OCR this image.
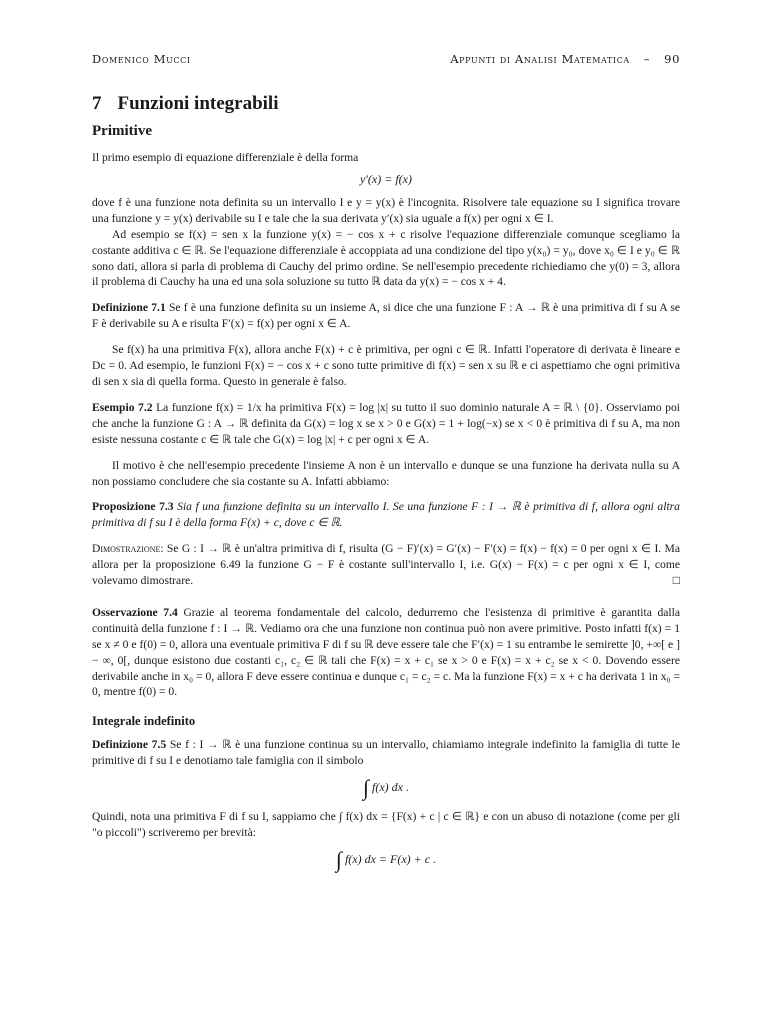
Domenico Mucci	Appunti di Analisi Matematica – 90
7 Funzioni integrabili
Primitive

Il primo esempio di equazione differenziale è della forma

y′(x) = f(x)

dove f è una funzione nota definita su un intervallo I e y = y(x) è l'incognita. Risolvere tale equazione su I significa trovare una funzione y = y(x) derivabile su I e tale che la sua derivata y′(x) sia uguale a f(x) per ogni x ∈ I.

Ad esempio se f(x) = sen x la funzione y(x) = − cos x + c risolve l'equazione differenziale comunque scegliamo la costante additiva c ∈ ℝ. Se l'equazione differenziale è accoppiata ad una condizione del tipo y(x₀) = y₀, dove x₀ ∈ I e y₀ ∈ ℝ sono dati, allora si parla di problema di Cauchy del primo ordine. Se nell'esempio precedente richiediamo che y(0) = 3, allora il problema di Cauchy ha una ed una sola soluzione su tutto ℝ data da y(x) = − cos x + 4.

Definizione 7.1 Se f è una funzione definita su un insieme A, si dice che una funzione F : A → ℝ è una primitiva di f su A se F è derivabile su A e risulta F′(x) = f(x) per ogni x ∈ A.

Se f(x) ha una primitiva F(x), allora anche F(x) + c è primitiva, per ogni c ∈ ℝ. Infatti l'operatore di derivata è lineare e Dc = 0. Ad esempio, le funzioni F(x) = − cos x + c sono tutte primitive di f(x) = sen x su ℝ e ci aspettiamo che ogni primitiva di sen x sia di quella forma. Questo in generale è falso.

Esempio 7.2 La funzione f(x) = 1/x ha primitiva F(x) = log |x| su tutto il suo dominio naturale A = ℝ \ {0}. Osserviamo poi che anche la funzione G : A → ℝ definita da G(x) = log x se x > 0 e G(x) = 1 + log(−x) se x < 0 è primitiva di f su A, ma non esiste nessuna costante c ∈ ℝ tale che G(x) = log |x| + c per ogni x ∈ A.

Il motivo è che nell'esempio precedente l'insieme A non è un intervallo e dunque se una funzione ha derivata nulla su A non possiamo concludere che sia costante su A. Infatti abbiamo:

Proposizione 7.3 Sia f una funzione definita su un intervallo I. Se una funzione F : I → ℝ è primitiva di f, allora ogni altra primitiva di f su I è della forma F(x) + c, dove c ∈ ℝ.

Dimostrazione: Se G : I → ℝ è un'altra primitiva di f, risulta (G − F)′(x) = G′(x) − F′(x) = f(x) − f(x) = 0 per ogni x ∈ I. Ma allora per la proposizione 6.49 la funzione G − F è costante sull'intervallo I, i.e. G(x) − F(x) = c per ogni x ∈ I, come volevamo dimostrare.	□

Osservazione 7.4 Grazie al teorema fondamentale del calcolo, dedurremo che l'esistenza di primitive è garantita dalla continuità della funzione f : I → ℝ. Vediamo ora che una funzione non continua può non avere primitive. Posto infatti f(x) = 1 se x ≠ 0 e f(0) = 0, allora una eventuale primitiva F di f su ℝ deve essere tale che F′(x) = 1 su entrambe le semirette ]0, +∞[ e ] − ∞, 0[, dunque esistono due costanti c₁, c₂ ∈ ℝ tali che F(x) = x + c₁ se x > 0 e F(x) = x + c₂ se x < 0. Dovendo essere derivabile anche in x₀ = 0, allora F deve essere continua e dunque c₁ = c₂ = c. Ma la funzione F(x) = x + c ha derivata 1 in x₀ = 0, mentre f(0) = 0.

Integrale indefinito

Definizione 7.5 Se f : I → ℝ è una funzione continua su un intervallo, chiamiamo integrale indefinito la famiglia di tutte le primitive di f su I e denotiamo tale famiglia con il simbolo

∫ f(x) dx .

Quindi, nota una primitiva F di f su I, sappiamo che ∫ f(x) dx = {F(x) + c | c ∈ ℝ} e con un abuso di notazione (come per gli "o piccoli") scriveremo per brevità:

∫ f(x) dx = F(x) + c .
